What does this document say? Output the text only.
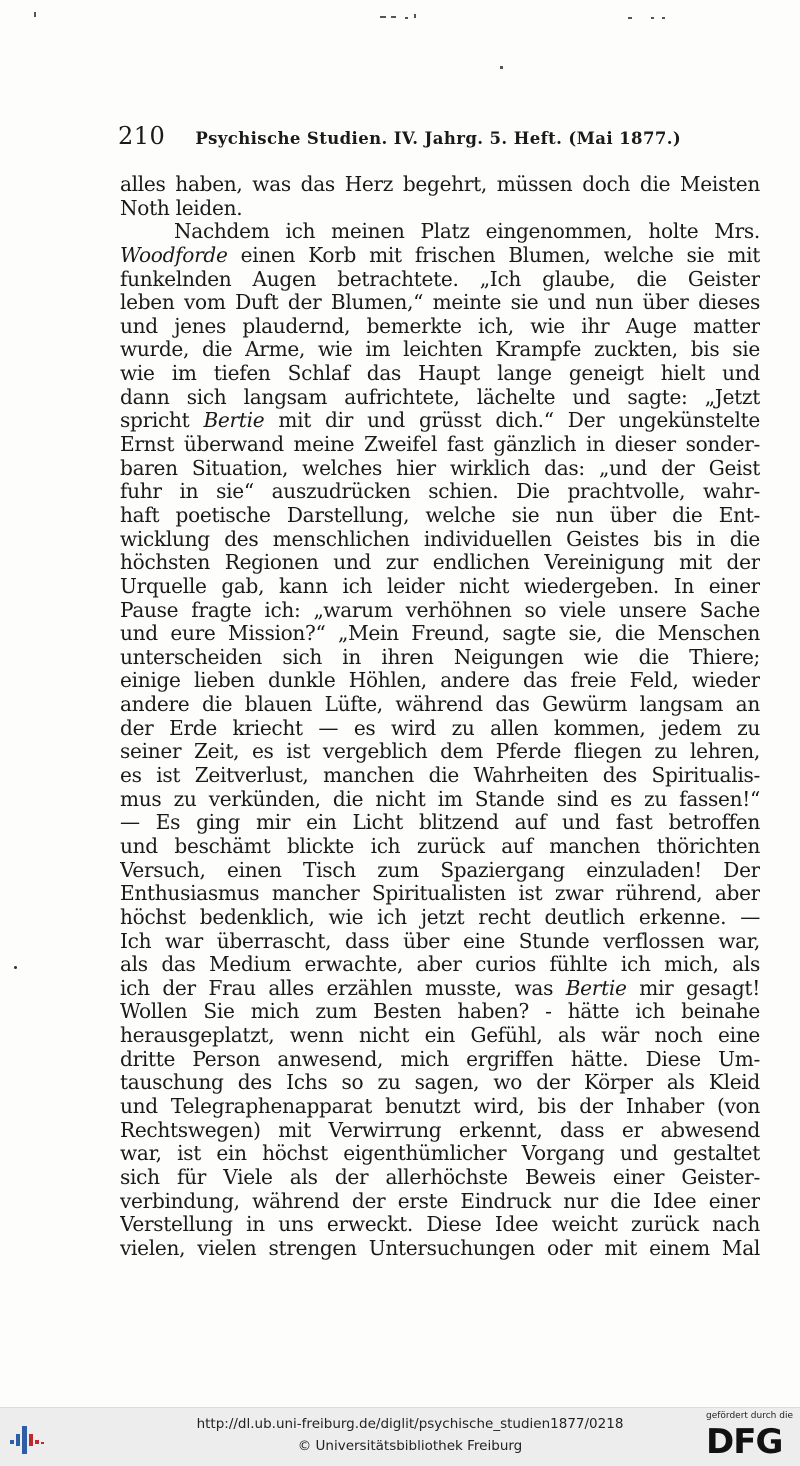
210 Psychische Studien. IV. Jahrg. 5. Heft. (Mai 1877.)
alles haben, was das Herz begehrt, müssen doch die Meisten
Noth leiden.
Nachdem ich meinen Platz eingenommen, holte Mrs.
Woodforde einen Korb mit frischen Blumen, welche sie mit
funkelnden Augen betrachtete. „Ich glaube, die Geister
leben vom Duft der Blumen,“ meinte sie und nun über dieses
und jenes plaudernd, bemerkte ich, wie ihr Auge matter
wurde, die Arme, wie im leichten Krampfe zuckten, bis sie
wie im tiefen Schlaf das Haupt lange geneigt hielt und
dann sich langsam aufrichtete, lächelte und sagte: „Jetzt
spricht Bertie mit dir und grüsst dich.“ Der ungekünstelte
Ernst überwand meine Zweifel fast gänzlich in dieser sonder-
baren Situation, welches hier wirklich das: „und der Geist
fuhr in sie“ auszudrücken schien. Die prachtvolle, wahr-
haft poetische Darstellung, welche sie nun über die Ent-
wicklung des menschlichen individuellen Geistes bis in die
höchsten Regionen und zur endlichen Vereinigung mit der
Urquelle gab, kann ich leider nicht wiedergeben. In einer
Pause fragte ich: „warum verhöhnen so viele unsere Sache
und eure Mission?“ „Mein Freund, sagte sie, die Menschen
unterscheiden sich in ihren Neigungen wie die Thiere;
einige lieben dunkle Höhlen, andere das freie Feld, wieder
andere die blauen Lüfte, während das Gewürm langsam an
der Erde kriecht — es wird zu allen kommen, jedem zu
seiner Zeit, es ist vergeblich dem Pferde fliegen zu lehren,
es ist Zeitverlust, manchen die Wahrheiten des Spiritualis-
mus zu verkünden, die nicht im Stande sind es zu fassen!“
— Es ging mir ein Licht blitzend auf und fast betroffen
und beschämt blickte ich zurück auf manchen thörichten
Versuch, einen Tisch zum Spaziergang einzuladen! Der
Enthusiasmus mancher Spiritualisten ist zwar rührend, aber
höchst bedenklich, wie ich jetzt recht deutlich erkenne. —
Ich war überrascht, dass über eine Stunde verflossen war,
als das Medium erwachte, aber curios fühlte ich mich, als
ich der Frau alles erzählen musste, was Bertie mir gesagt!
Wollen Sie mich zum Besten haben? - hätte ich beinahe
herausgeplatzt, wenn nicht ein Gefühl, als wär noch eine
dritte Person anwesend, mich ergriffen hätte. Diese Um-
tauschung des Ichs so zu sagen, wo der Körper als Kleid
und Telegraphenapparat benutzt wird, bis der Inhaber (von
Rechtswegen) mit Verwirrung erkennt, dass er abwesend
war, ist ein höchst eigenthümlicher Vorgang und gestaltet
sich für Viele als der allerhöchste Beweis einer Geister-
verbindung, während der erste Eindruck nur die Idee einer
Verstellung in uns erweckt. Diese Idee weicht zurück nach
vielen, vielen strengen Untersuchungen oder mit einem Mal
http://dl.ub.uni-freiburg.de/diglit/psychische_studien1877/0218
© Universitätsbibliothek Freiburg
gefördert durch die
DFG
